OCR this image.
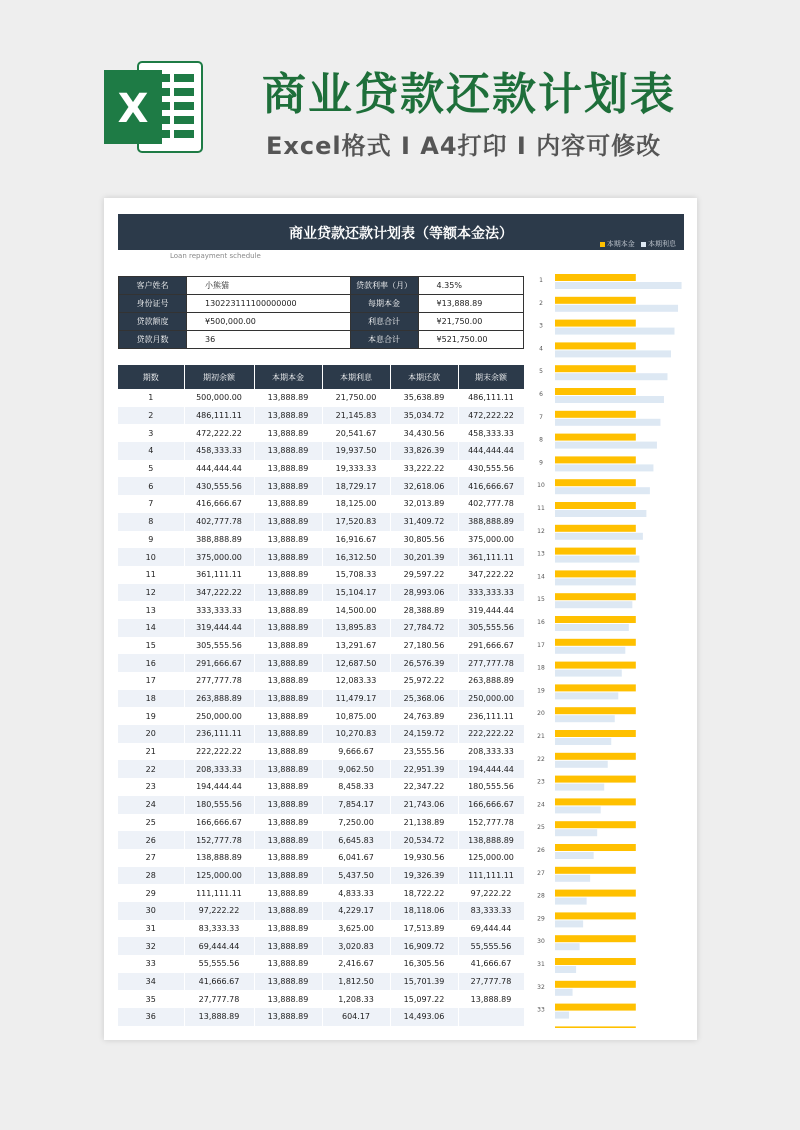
X	商业贷款还款计划表
Excel格式 I A4打印 I 内容可修改
商业贷款还款计划表（等额本金法）
本期本金 本期利息
Loan repayment schedule
客户姓名	小熊猫	贷款利率（月）	4.35%
身份证号	130223111100000000	每期本金	¥13,888.89
贷款额度	¥500,000.00	利息合计	¥21,750.00
贷款月数	36	本息合计	¥521,750.00
期数	期初余额	本期本金	本期利息	本期还款	期末余额
1	500,000.00	13,888.89	21,750.00	35,638.89	486,111.11
2	486,111.11	13,888.89	21,145.83	35,034.72	472,222.22
3	472,222.22	13,888.89	20,541.67	34,430.56	458,333.33
4	458,333.33	13,888.89	19,937.50	33,826.39	444,444.44
5	444,444.44	13,888.89	19,333.33	33,222.22	430,555.56
6	430,555.56	13,888.89	18,729.17	32,618.06	416,666.67
7	416,666.67	13,888.89	18,125.00	32,013.89	402,777.78
8	402,777.78	13,888.89	17,520.83	31,409.72	388,888.89
9	388,888.89	13,888.89	16,916.67	30,805.56	375,000.00
10	375,000.00	13,888.89	16,312.50	30,201.39	361,111.11
11	361,111.11	13,888.89	15,708.33	29,597.22	347,222.22
12	347,222.22	13,888.89	15,104.17	28,993.06	333,333.33
13	333,333.33	13,888.89	14,500.00	28,388.89	319,444.44
14	319,444.44	13,888.89	13,895.83	27,784.72	305,555.56
15	305,555.56	13,888.89	13,291.67	27,180.56	291,666.67
16	291,666.67	13,888.89	12,687.50	26,576.39	277,777.78
17	277,777.78	13,888.89	12,083.33	25,972.22	263,888.89
18	263,888.89	13,888.89	11,479.17	25,368.06	250,000.00
19	250,000.00	13,888.89	10,875.00	24,763.89	236,111.11
20	236,111.11	13,888.89	10,270.83	24,159.72	222,222.22
21	222,222.22	13,888.89	9,666.67	23,555.56	208,333.33
22	208,333.33	13,888.89	9,062.50	22,951.39	194,444.44
23	194,444.44	13,888.89	8,458.33	22,347.22	180,555.56
24	180,555.56	13,888.89	7,854.17	21,743.06	166,666.67
25	166,666.67	13,888.89	7,250.00	21,138.89	152,777.78
26	152,777.78	13,888.89	6,645.83	20,534.72	138,888.89
27	138,888.89	13,888.89	6,041.67	19,930.56	125,000.00
28	125,000.00	13,888.89	5,437.50	19,326.39	111,111.11
29	111,111.11	13,888.89	4,833.33	18,722.22	97,222.22
30	97,222.22	13,888.89	4,229.17	18,118.06	83,333.33
31	83,333.33	13,888.89	3,625.00	17,513.89	69,444.44
32	69,444.44	13,888.89	3,020.83	16,909.72	55,555.56
33	55,555.56	13,888.89	2,416.67	16,305.56	41,666.67
34	41,666.67	13,888.89	1,812.50	15,701.39	27,777.78
35	27,777.78	13,888.89	1,208.33	15,097.22	13,888.89
36	13,888.89	13,888.89	604.17	14,493.06	
1
2
3
4
5
6
7
8
9
10
11
12
13
14
15
16
17
18
19
20
21
22
23
24
25
26
27
28
29
30
31
32
33
